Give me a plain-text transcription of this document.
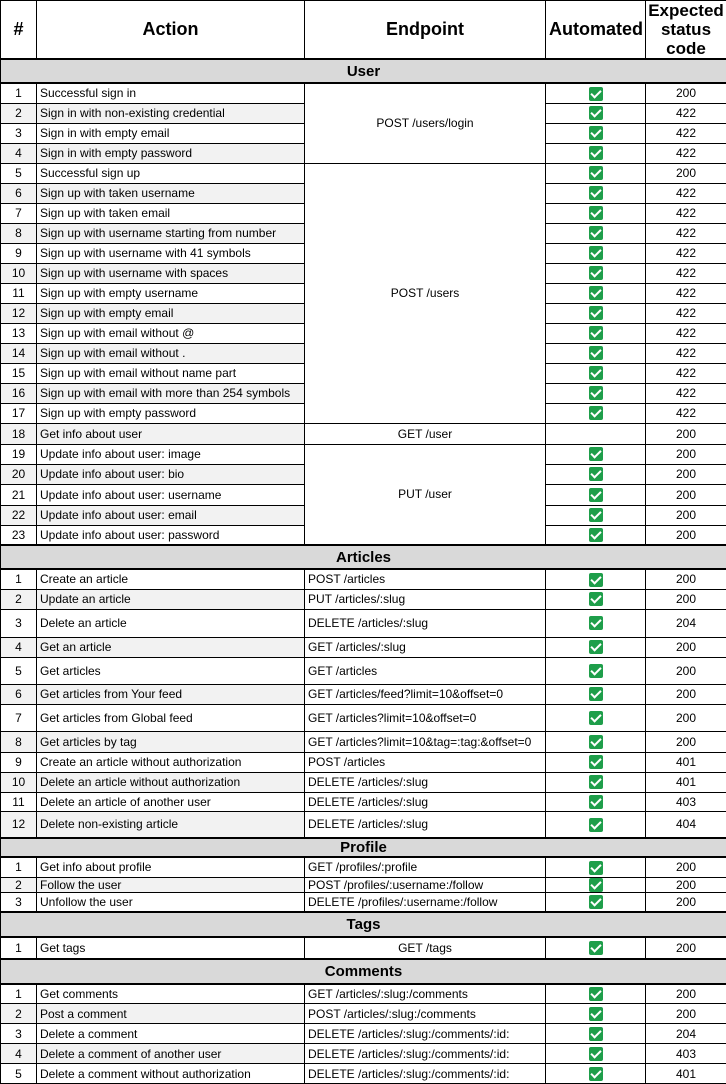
#	Action	Endpoint	Automated	Expected
status
code

User				
1	Successful sign in	POST /users/login		200
2	Sign in with non-existing credential			422
3	Sign in with empty email			422
4	Sign in with empty password			422
5	Successful sign up	POST /users		200
6	Sign up with taken username			422
7	Sign up with taken email			422
8	Sign up with username starting from number			422
9	Sign up with username with 41 symbols			422
10	Sign up with username with spaces			422
11	Sign up with empty username			422
12	Sign up with empty email			422
13	Sign up with email without @			422
14	Sign up with email without .			422
15	Sign up with email without name part			422
16	Sign up with email with more than 254 symbols			422
17	Sign up with empty password			422
18	Get info about user	GET /user		200
19	Update info about user: image	PUT /user		200
20	Update info about user: bio			200
21	Update info about user: username			200
22	Update info about user: email			200
23	Update info about user: password			200
Articles				
1	Create an article	POST /articles		200
2	Update an article	PUT /articles/:slug		200
3	Delete an article	DELETE /articles/:slug		204
4	Get an article	GET /articles/:slug		200
5	Get articles	GET /articles		200
6	Get articles from Your feed	GET /articles/feed?limit=10&offset=0		200
7	Get articles from Global feed	GET /articles?limit=10&offset=0		200
8	Get articles by tag	GET /articles?limit=10&tag=:tag:&offset=0		200
9	Create an article without authorization	POST /articles		401
10	Delete an article without authorization	DELETE /articles/:slug		401
11	Delete an article of another user	DELETE /articles/:slug		403
12	Delete non-existing article	DELETE /articles/:slug		404
Profile				
1	Get info about profile	GET /profiles/:profile		200
2	Follow the user	POST /profiles/:username:/follow		200
3	Unfollow the user	DELETE /profiles/:username:/follow		200
Tags				
1	Get tags	GET /tags		200
Comments				
1	Get comments	GET /articles/:slug:/comments		200
2	Post a comment	POST /articles/:slug:/comments		200
3	Delete a comment	DELETE /articles/:slug:/comments/:id:		204
4	Delete a comment of another user	DELETE /articles/:slug:/comments/:id:		403
5	Delete a comment without authorization	DELETE /articles/:slug:/comments/:id:		401
